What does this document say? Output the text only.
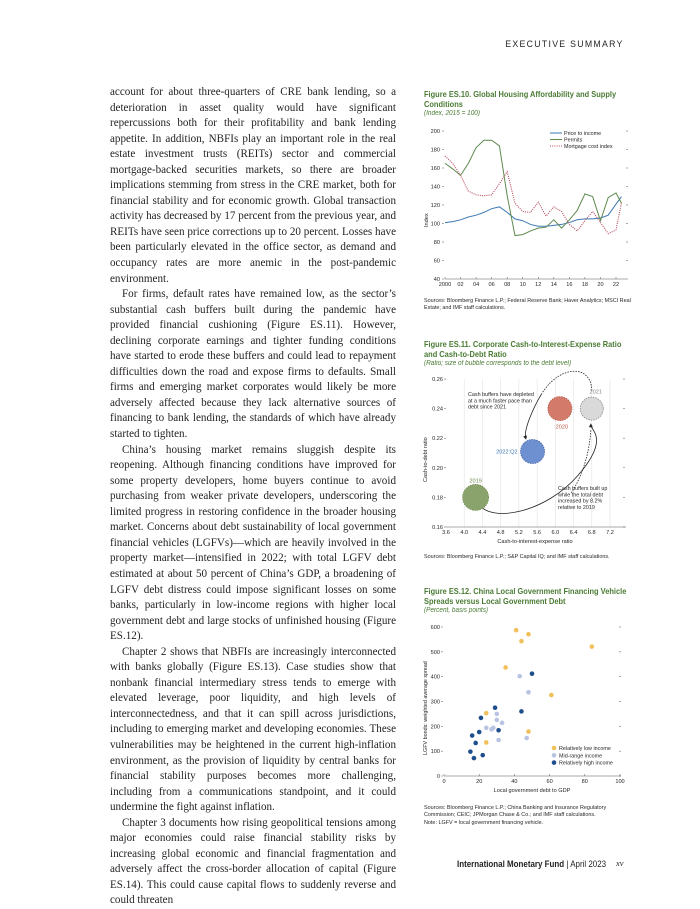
EXECUTIVE SUMMARY

account for about three-quarters of CRE bank lending, so a deterioration in asset quality would have significant repercussions both for their profitability and bank lending appetite. In addition, NBFIs play an important role in the real estate investment trusts (REITs) sector and commercial mortgage-backed securities markets, so there are broader implications stemming from stress in the CRE market, both for financial stability and for economic growth. Global transaction activity has decreased by 17 percent from the previous year, and REITs have seen price corrections up to 20 percent. Losses have been particularly elevated in the office sector, as demand and occupancy rates are more anemic in the post-pandemic environment.

For firms, default rates have remained low, as the sector’s substantial cash buffers built during the pandemic have provided financial cushioning (Figure ES.11). However, declining corporate earnings and tighter funding conditions have started to erode these buffers and could lead to repayment difficulties down the road and expose firms to defaults. Small firms and emerging market corporates would likely be more adversely affected because they lack alternative sources of financing to bank lending, the standards of which have already started to tighten.

China’s housing market remains sluggish despite its reopening. Although financing conditions have improved for some property developers, home buyers continue to avoid purchasing from weaker private developers, underscoring the limited progress in restoring confidence in the broader housing market. Concerns about debt sustainability of local government financial vehicles (LGFVs)—which are heavily involved in the property market—intensified in 2022; with total LGFV debt estimated at about 50 percent of China’s GDP, a broadening of LGFV debt distress could impose significant losses on some banks, particularly in low-income regions with higher local government debt and large stocks of unfinished housing (Figure ES.12).

Chapter 2 shows that NBFIs are increasingly interconnected with banks globally (Figure ES.13). Case studies show that nonbank financial intermediary stress tends to emerge with elevated leverage, poor liquidity, and high levels of interconnectedness, and that it can spill across jurisdictions, including to emerging market and developing economies. These vulnerabilities may be heightened in the current high-inflation environment, as the provision of liquidity by central banks for financial stability purposes becomes more challenging, including from a communications standpoint, and it could undermine the fight against inflation.

Chapter 3 documents how rising geopolitical tensions among major economies could raise financial stability risks by increasing global economic and financial fragmentation and adversely affect the cross-border allocation of capital (Figure ES.14). This could cause capital flows to suddenly reverse and could threaten

Figure ES.10. Global Housing Affordability and Supply Conditions
(Index, 2015 = 100)
40
60
80
100
120
140
160
180
200
2000 02 04 06 08 10 12 14 16 18 20 22
Index
Price to income
Permits
Mortgage cost index
Sources: Bloomberg Finance L.P.; Federal Reserve Bank; Haver Analytics; MSCI Real Estate; and IMF staff calculations.
Figure ES.11. Corporate Cash-to-Interest-Expense Ratio and Cash-to-Debt Ratio
(Ratio; size of bubble corresponds to the debt level)
3.6 4.0 4.4 4.8 5.2 5.6 6.0 6.4 6.8 7.2
0.16
0.18
0.20
0.22
0.24
0.26
Cash-to-interest-expense ratio
Cash-to-debt ratio	2019
2020
2021
2022:Q2
Cash buffers have depleted
at a much faster pace than
debt since 2021
Cash buffers built up
while the total debt
increased by 8.2%
relative to 2019
Sources: Bloomberg Finance L.P.; S&P Capital IQ; and IMF staff calculations.
Figure ES.12. China Local Government Financing Vehicle Spreads versus Local Government Debt
(Percent, basis points)
0	20	40	60	80	100
0
100
200
300
400
500
600
Local government debt to GDP
LGFV bonds: weighted average spread	Relatively low income
Mid-range income
Relatively high income
Sources: Bloomberg Finance L.P.; China Banking and Insurance Regulatory Commission; CEIC; JPMorgan Chase & Co.; and IMF staff calculations.
Note: LGFV = local government financing vehicle.
International Monetary Fund | April 2023 xv
